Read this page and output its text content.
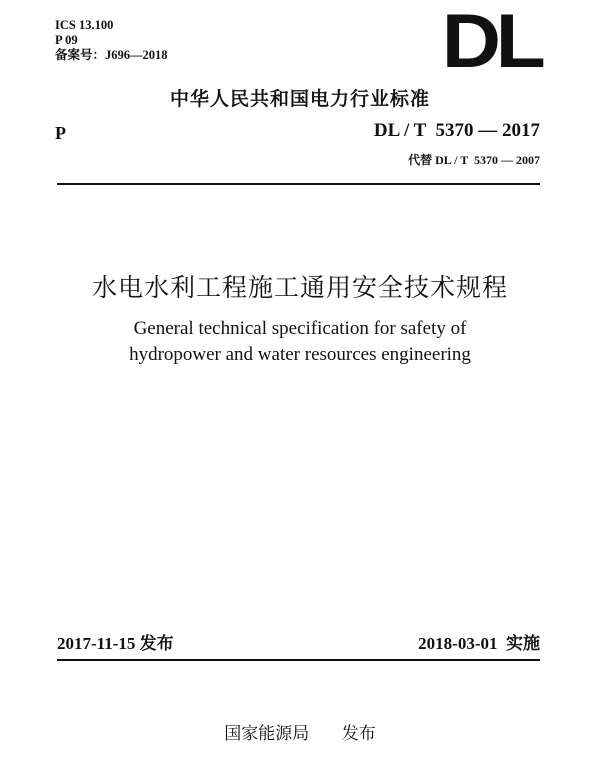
ICS 13.100
P 09
备案号：J696—2018	DL
中华人民共和国电力行业标准
P	DL / T  5370 — 2017
代替 DL / T  5370 — 2007
水电水利工程施工通用安全技术规程
General technical specification for safety of
hydropower and water resources engineering
2017-11-15 发布	2018-03-01 实施
国家能源局 发布
